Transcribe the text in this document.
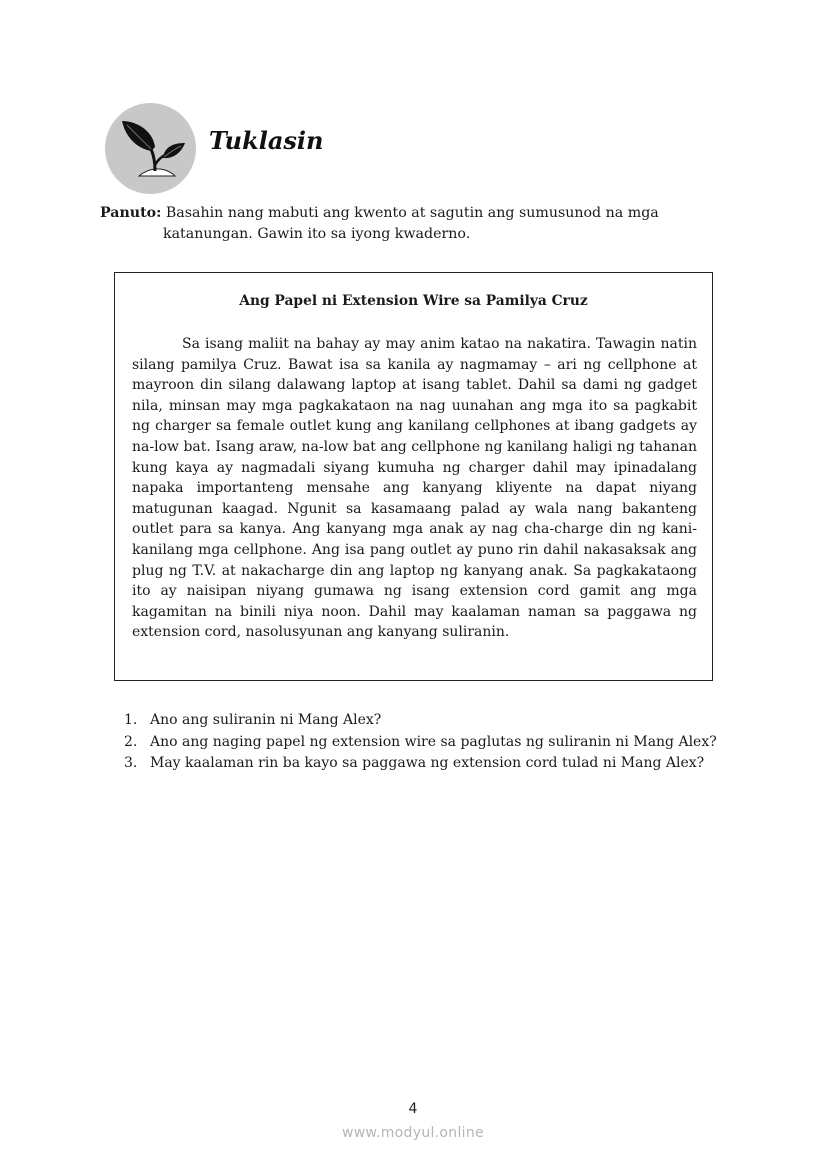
Tuklasin
Panuto: Basahin nang mabuti ang kwento at sagutin ang sumusunod na mga
katanungan. Gawin ito sa iyong kwaderno.
Ang Papel ni Extension Wire sa Pamilya Cruz

Sa isang maliit na bahay ay may anim katao na nakatira. Tawagin natin silang pamilya Cruz. Bawat isa sa kanila ay nagmamay – ari ng cellphone at mayroon din silang dalawang laptop at isang tablet. Dahil sa dami ng gadget nila, minsan may mga pagkakataon na nag uunahan ang mga ito sa pagkabit ng charger sa female outlet kung ang kanilang cellphones at ibang gadgets ay na-low bat. Isang araw, na-low bat ang cellphone ng kanilang haligi ng tahanan kung kaya ay nagmadali siyang kumuha ng charger dahil may ipinadalang napaka importanteng mensahe ang kanyang kliyente na dapat niyang matugunan kaagad. Ngunit sa kasamaang palad ay wala nang bakanteng outlet para sa kanya. Ang kanyang mga anak ay nag cha-charge din ng kani-kanilang mga cellphone. Ang isa pang outlet ay puno rin dahil nakasaksak ang plug ng T.V. at nakacharge din ang laptop ng kanyang anak. Sa pagkakataong ito ay naisipan niyang gumawa ng isang extension cord gamit ang mga kagamitan na binili niya noon. Dahil may kaalaman naman sa paggawa ng extension cord, nasolusyunan ang kanyang suliranin.

1. Ano ang suliranin ni Mang Alex?
2. Ano ang naging papel ng extension wire sa paglutas ng suliranin ni Mang Alex?
3. May kaalaman rin ba kayo sa paggawa ng extension cord tulad ni Mang Alex?
4
www.modyul.online
